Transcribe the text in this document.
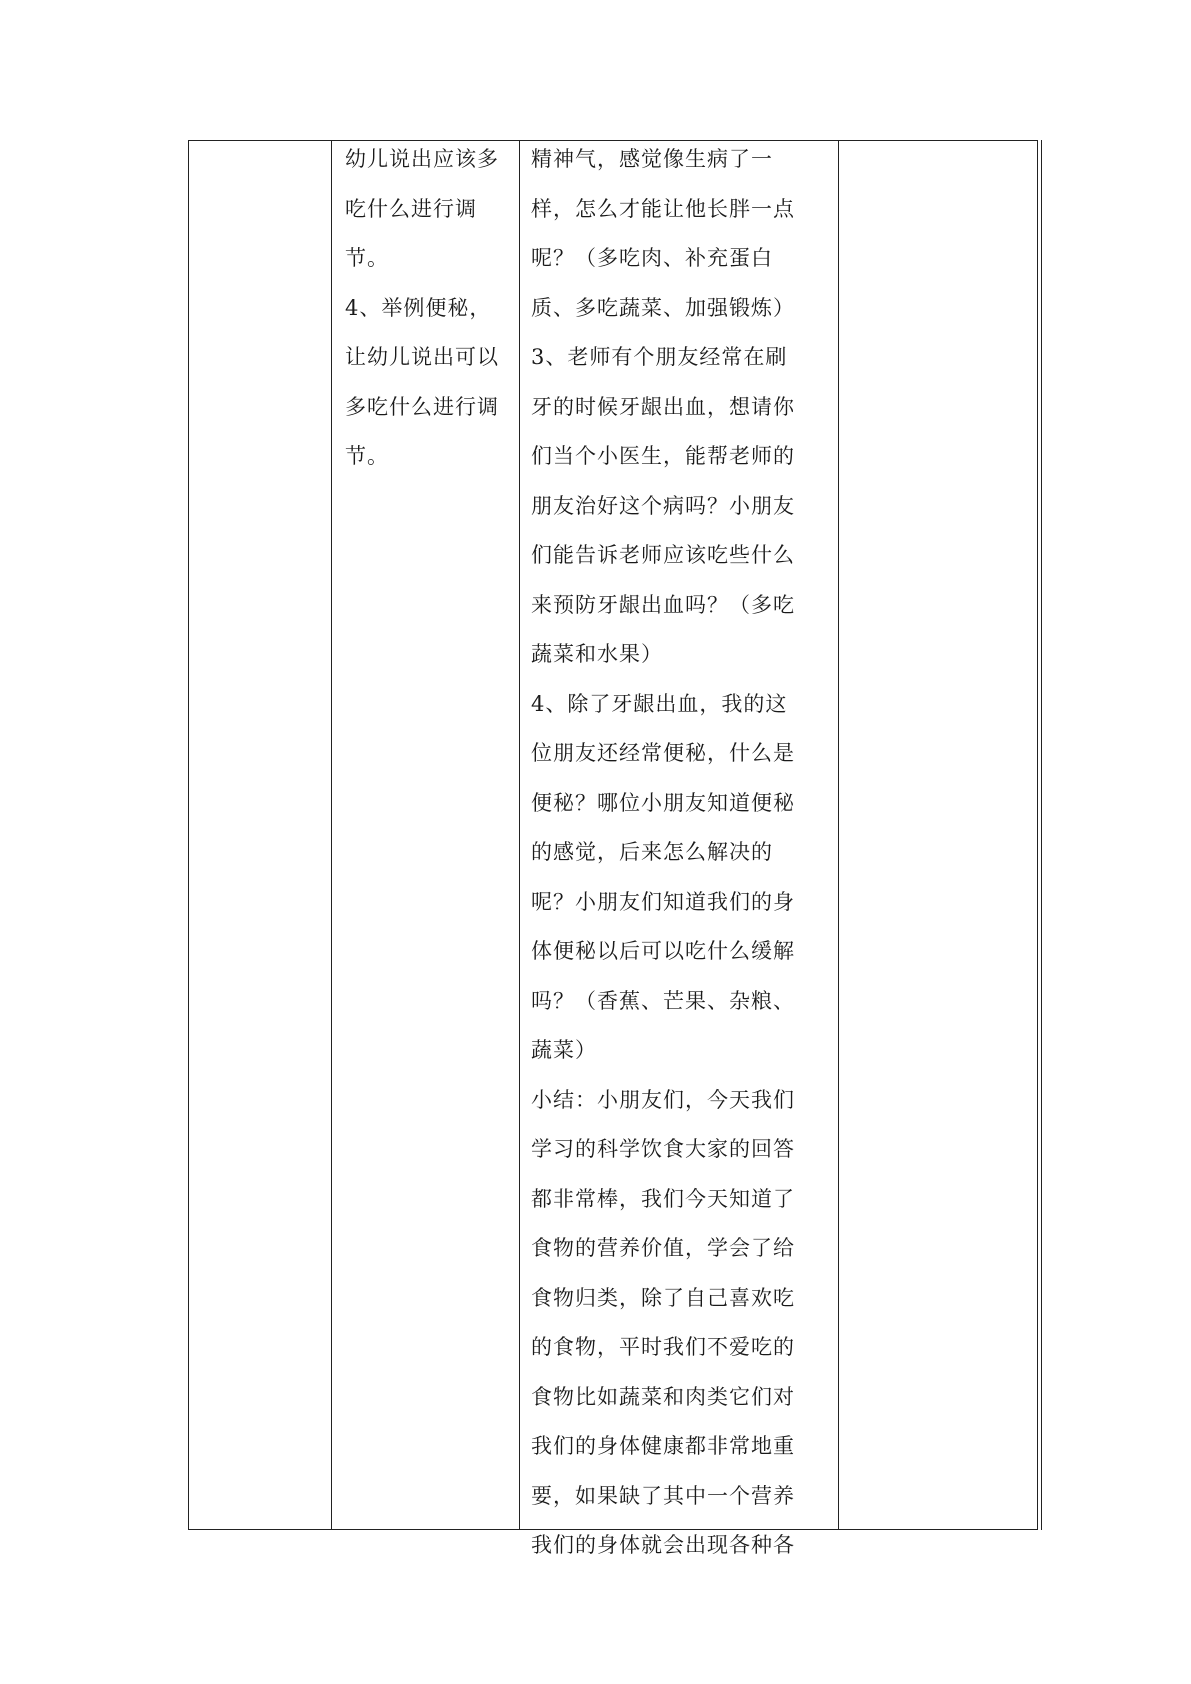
幼儿说出应该多
吃什么进行调
节。
4、举例便秘，
让幼儿说出可以
多吃什么进行调
节。
精神气，感觉像生病了一
样，怎么才能让他长胖一点
呢？（多吃肉、补充蛋白
质、多吃蔬菜、加强锻炼）
3、老师有个朋友经常在刷
牙的时候牙龈出血，想请你
们当个小医生，能帮老师的
朋友治好这个病吗？小朋友
们能告诉老师应该吃些什么
来预防牙龈出血吗？（多吃
蔬菜和水果）
4、除了牙龈出血，我的这
位朋友还经常便秘，什么是
便秘？哪位小朋友知道便秘
的感觉，后来怎么解决的
呢？小朋友们知道我们的身
体便秘以后可以吃什么缓解
吗？（香蕉、芒果、杂粮、
蔬菜）
小结：小朋友们，今天我们
学习的科学饮食大家的回答
都非常棒，我们今天知道了
食物的营养价值，学会了给
食物归类，除了自己喜欢吃
的食物，平时我们不爱吃的
食物比如蔬菜和肉类它们对
我们的身体健康都非常地重
要，如果缺了其中一个营养
我们的身体就会出现各种各
